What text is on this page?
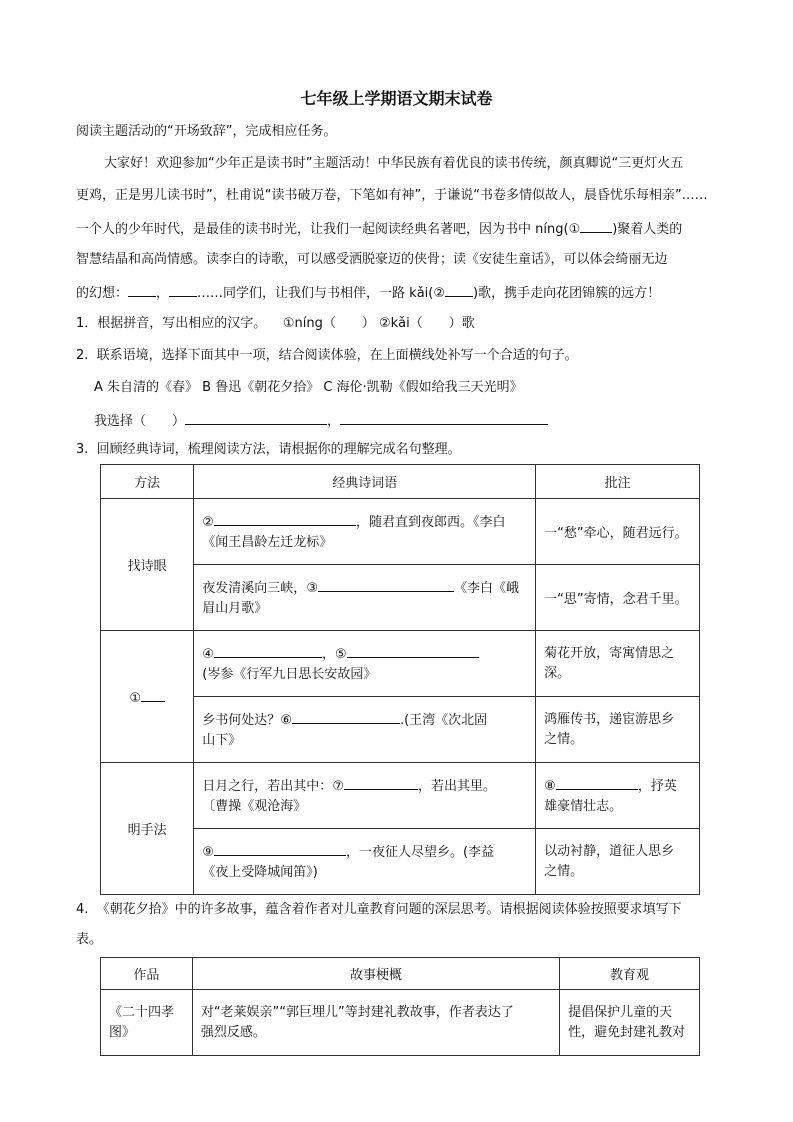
七年级上学期语文期末试卷
阅读主题活动的“开场致辞”，完成相应任务。
大家好！欢迎参加“少年正是读书时”主题活动！中华民族有着优良的读书传统，颜真卿说“三更灯火五
更鸡，正是男儿读书时”，杜甫说“读书破万卷，下笔如有神”，于谦说“书卷多情似故人，晨昏忧乐每相亲”……
一个人的少年时代，是最佳的读书时光，让我们一起阅读经典名著吧，因为书中 níng(① )聚着人类的
智慧结晶和高尚情感。读李白的诗歌，可以感受洒脱豪迈的侠骨；读《安徒生童话》，可以体会绮丽无边
的幻想： ， ……同学们，让我们与书相伴，一路 kǎi(② )歌，携手走向花团锦簇的远方！
1．根据拼音，写出相应的汉字。 ①níng（ ） ②kǎi（ ）歌
2. 联系语境，选择下面其中一项，结合阅读体验，在上面横线处补写一个合适的句子。
A 朱自清的《春》 B 鲁迅《朝花夕拾》 C 海伦·凯勒《假如给我三天光明》
我选择（　　）	，
3. 回顾经典诗词，梳理阅读方法，请根据你的理解完成名句整理。
方法	经典诗词语	批注
找诗眼	② ，随君直到夜郎西。《李白
《闻王昌龄左迁龙标》	一“愁”牵心，随君远行。

	夜发清溪向三峡，③ 《李白《峨
眉山月歌》	一“思”寄情，念君千里。
①	④ ，⑤
(岑参《行军九日思长安故园》	菊花开放，寄寓情思之
深。

	乡书何处达？⑥ .(王湾《次北固
山下》	鸿雁传书，递宦游思乡
之情。

明手法	日月之行，若出其中：⑦ ，若出其里。
〔曹操《观沧海》	⑧ ，抒英
雄豪情壮志。

	⑨ ，一夜征人尽望乡。(李益
《夜上受降城闻笛》)	以动衬静，道征人思乡
之情。
4. 《朝花夕拾》中的许多故事，蕴含着作者对儿童教育问题的深层思考。请根据阅读体验按照要求填写下
表。
作品	故事梗概	教育观

《二十四孝
图》	对“老莱娱亲”“郭巨埋儿”等封建礼教故事，作者表达了
强烈反感。	提倡保护儿童的天
性，避免封建礼教对
